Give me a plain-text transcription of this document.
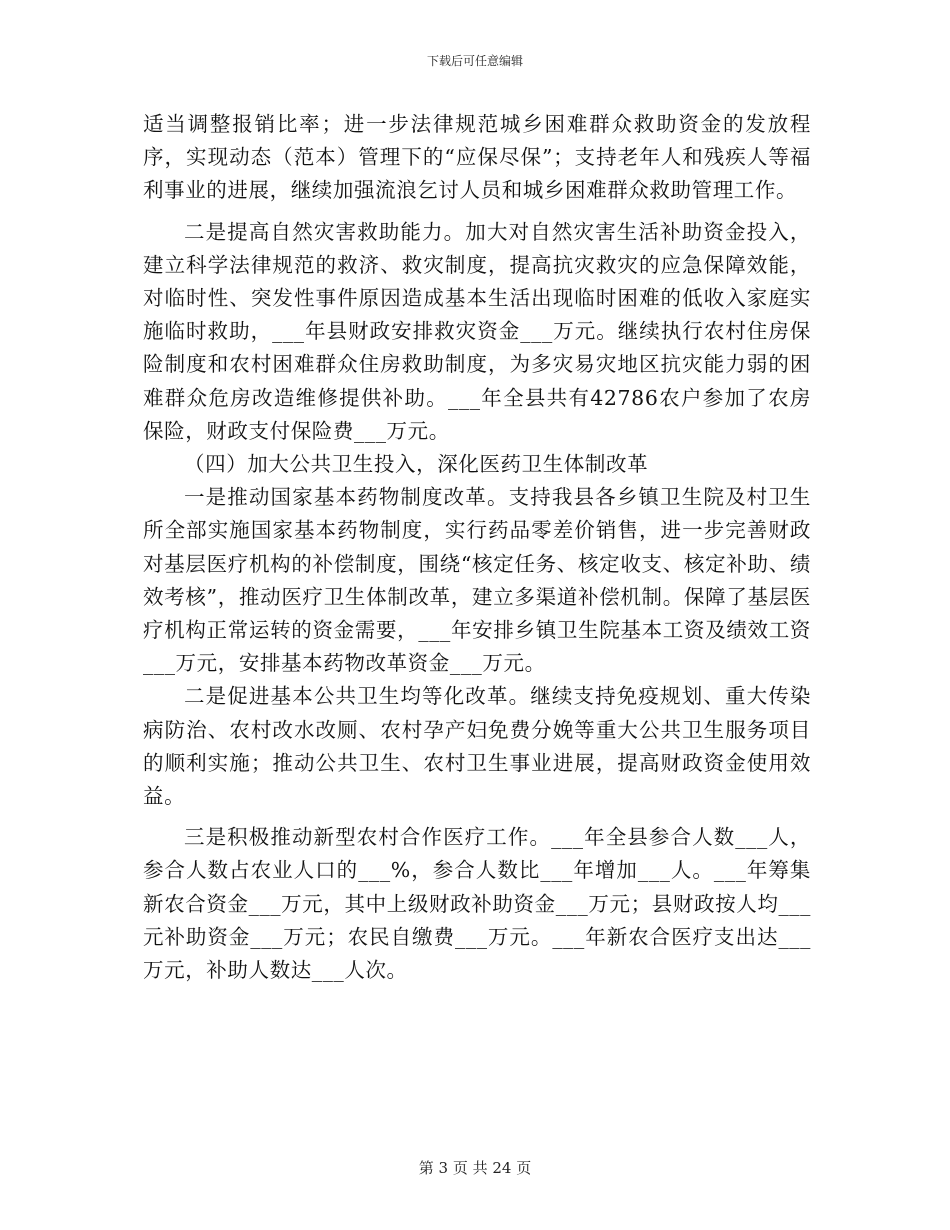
下载后可任意编辑

适当调整报销比率；进一步法律规范城乡困难群众救助资金的发放程序，实现动态（范本）管理下的“应保尽保”；支持老年人和残疾人等福利事业的进展，继续加强流浪乞讨人员和城乡困难群众救助管理工作。

二是提高自然灾害救助能力。加大对自然灾害生活补助资金投入，建立科学法律规范的救济、救灾制度，提高抗灾救灾的应急保障效能，对临时性、突发性事件原因造成基本生活出现临时困难的低收入家庭实施临时救助，___年县财政安排救灾资金___万元。继续执行农村住房保险制度和农村困难群众住房救助制度，为多灾易灾地区抗灾能力弱的困难群众危房改造维修提供补助。___年全县共有42786农户参加了农房保险，财政支付保险费___万元。

（四）加大公共卫生投入，深化医药卫生体制改革

一是推动国家基本药物制度改革。支持我县各乡镇卫生院及村卫生所全部实施国家基本药物制度，实行药品零差价销售，进一步完善财政对基层医疗机构的补偿制度，围绕“核定任务、核定收支、核定补助、绩效考核”，推动医疗卫生体制改革，建立多渠道补偿机制。保障了基层医疗机构正常运转的资金需要，___年安排乡镇卫生院基本工资及绩效工资___万元，安排基本药物改革资金___万元。

二是促进基本公共卫生均等化改革。继续支持免疫规划、重大传染病防治、农村改水改厕、农村孕产妇免费分娩等重大公共卫生服务项目的顺利实施；推动公共卫生、农村卫生事业进展，提高财政资金使用效益。

三是积极推动新型农村合作医疗工作。___年全县参合人数___人，参合人数占农业人口的___%，参合人数比___年增加___人。___年筹集新农合资金___万元，其中上级财政补助资金___万元；县财政按人均___元补助资金___万元；农民自缴费___万元。___年新农合医疗支出达___万元，补助人数达___人次。

第 3 页 共 24 页
